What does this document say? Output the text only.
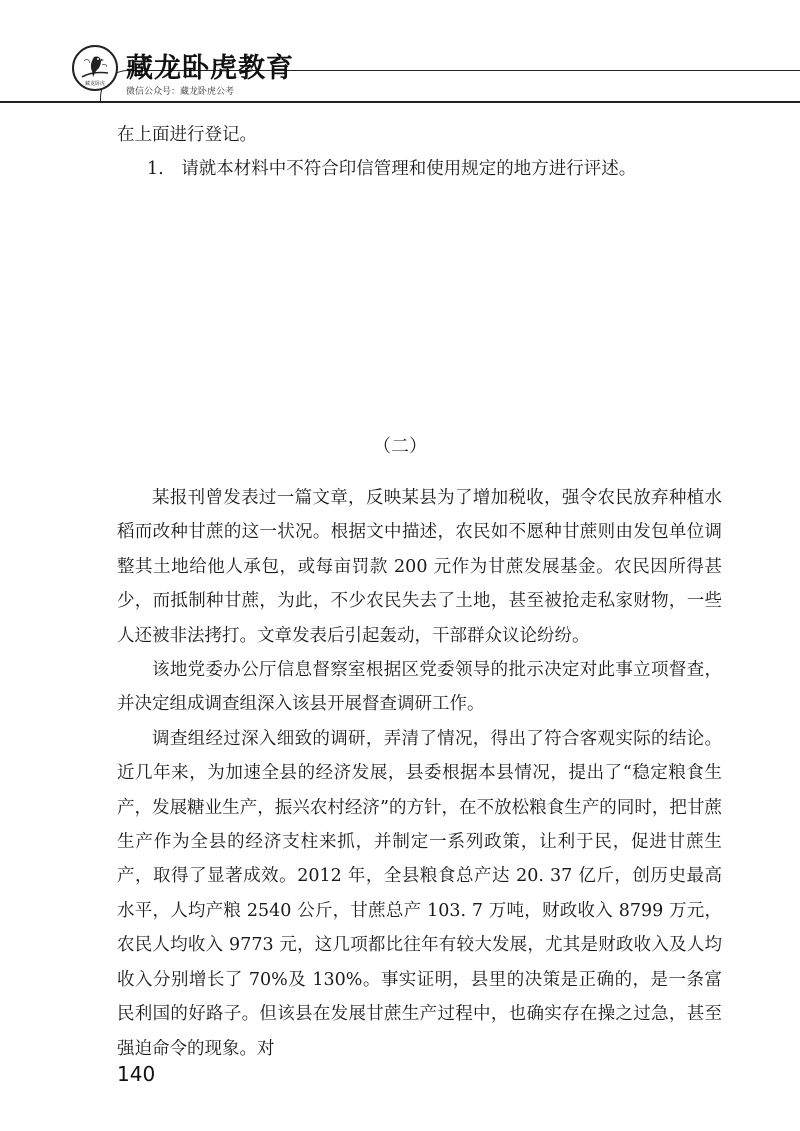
藏龙卧虎 藏龙卧虎教育
微信公众号：藏龙卧虎公考

在上面进行登记。

1.　请就本材料中不符合印信管理和使用规定的地方进行评述。

（二）

某报刊曾发表过一篇文章，反映某县为了增加税收，强令农民放弃种植水稻而改种甘蔗的这一状况。根据文中描述，农民如不愿种甘蔗则由发包单位调整其土地给他人承包，或每亩罚款 200 元作为甘蔗发展基金。农民因所得甚少，而抵制种甘蔗，为此，不少农民失去了土地，甚至被抢走私家财物，一些人还被非法拷打。文章发表后引起轰动，干部群众议论纷纷。

该地党委办公厅信息督察室根据区党委领导的批示决定对此事立项督查，并决定组成调查组深入该县开展督查调研工作。

调查组经过深入细致的调研，弄清了情况，得出了符合客观实际的结论。近几年来，为加速全县的经济发展，县委根据本县情况，提出了“稳定粮食生产，发展糖业生产，振兴农村经济”的方针，在不放松粮食生产的同时，把甘蔗生产作为全县的经济支柱来抓，并制定一系列政策，让利于民，促进甘蔗生产，取得了显著成效。2012 年，全县粮食总产达 20. 37 亿斤，创历史最高水平，人均产粮 2540 公斤，甘蔗总产 103. 7 万吨，财政收入 8799 万元，农民人均收入 9773 元，这几项都比往年有较大发展，尤其是财政收入及人均收入分别增长了 70%及 130%。事实证明，县里的决策是正确的，是一条富民利国的好路子。但该县在发展甘蔗生产过程中，也确实存在操之过急，甚至强迫命令的现象。对

140
